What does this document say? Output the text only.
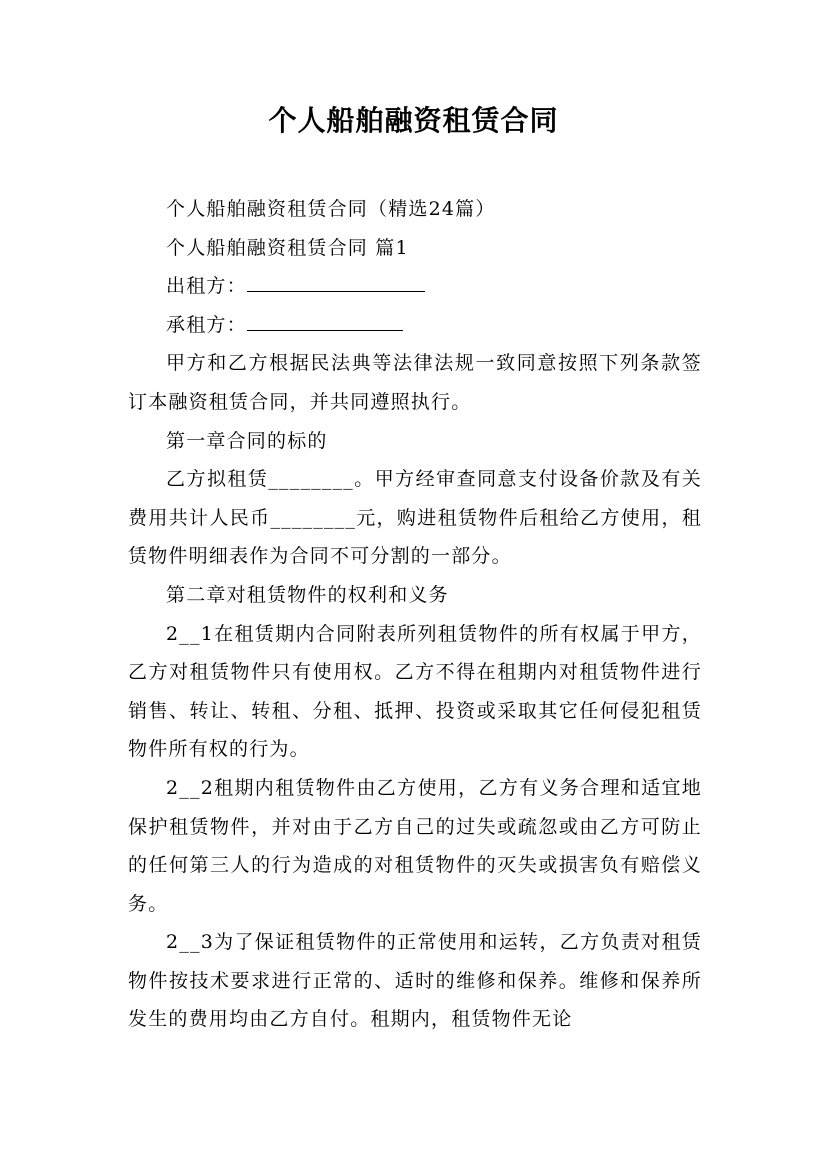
个人船舶融资租赁合同

个人船舶融资租赁合同（精选24篇）

个人船舶融资租赁合同 篇1

出租方：

承租方：

甲方和乙方根据民法典等法律法规一致同意按照下列条款签订本融资租赁合同，并共同遵照执行。

第一章合同的标的

乙方拟租赁________。甲方经审查同意支付设备价款及有关费用共计人民币________元，购进租赁物件后租给乙方使用，租赁物件明细表作为合同不可分割的一部分。

第二章对租赁物件的权利和义务

2__1在租赁期内合同附表所列租赁物件的所有权属于甲方，乙方对租赁物件只有使用权。乙方不得在租期内对租赁物件进行销售、转让、转租、分租、抵押、投资或采取其它任何侵犯租赁物件所有权的行为。

2__2租期内租赁物件由乙方使用，乙方有义务合理和适宜地保护租赁物件，并对由于乙方自己的过失或疏忽或由乙方可防止的任何第三人的行为造成的对租赁物件的灭失或损害负有赔偿义务。

2__3为了保证租赁物件的正常使用和运转，乙方负责对租赁物件按技术要求进行正常的、适时的维修和保养。维修和保养所发生的费用均由乙方自付。租期内，租赁物件无论
